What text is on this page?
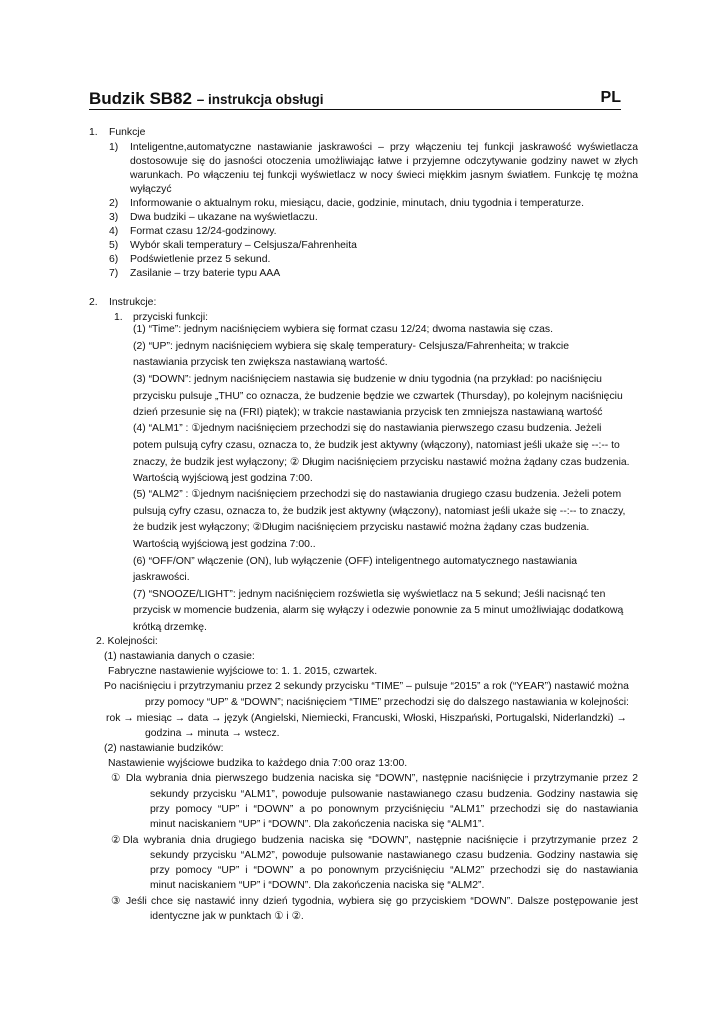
Budzik SB82 – instrukcja obsługi	PL
1. Funkcje
1) Inteligentne,automatyczne nastawianie jaskrawości – przy włączeniu tej funkcji jaskrawość wyświetlacza
dostosowuje się do jasności otoczenia umożliwiając łatwe i przyjemne odczytywanie godziny nawet w złych
warunkach. Po włączeniu tej funkcji wyświetlacz w nocy świeci miękkim jasnym światłem. Funkcję tę można
wyłączyć
2) Informowanie o aktualnym roku, miesiącu, dacie, godzinie, minutach, dniu tygodnia i temperaturze.
3) Dwa budziki – ukazane na wyświetlaczu.
4) Format czasu 12/24-godzinowy.
5) Wybór skali temperatury – Celsjusza/Fahrenheita
6) Podświetlenie przez 5 sekund.
7) Zasilanie – trzy baterie typu AAA
2. Instrukcje:
1. przyciski funkcji:
(1) “Time”: jednym naciśnięciem wybiera się format czasu 12/24; dwoma nastawia się czas.
(2) “UP”: jednym naciśnięciem wybiera się skalę temperatury- Celsjusza/Fahrenheita; w trakcie
nastawiania przycisk ten zwiększa nastawianą wartość.
(3) “DOWN”: jednym naciśnięciem nastawia się budzenie w dniu tygodnia (na przykład: po naciśnięciu
przycisku pulsuje „THU” co oznacza, że budzenie będzie we czwartek (Thursday), po kolejnym naciśnięciu
dzień przesunie się na (FRI) piątek); w trakcie nastawiania przycisk ten zmniejsza nastawianą wartość
(4) “ALM1” : ①jednym naciśnięciem przechodzi się do nastawiania pierwszego czasu budzenia. Jeżeli
potem pulsują cyfry czasu, oznacza to, że budzik jest aktywny (włączony), natomiast jeśli ukaże się --:-- to
znaczy, że budzik jest wyłączony; ② Długim naciśnięciem przycisku nastawić można żądany czas budzenia.
Wartością wyjściową jest godzina 7:00.
(5) “ALM2” : ①jednym naciśnięciem przechodzi się do nastawiania drugiego czasu budzenia. Jeżeli potem
pulsują cyfry czasu, oznacza to, że budzik jest aktywny (włączony), natomiast jeśli ukaże się --:-- to znaczy,
że budzik jest wyłączony; ②Długim naciśnięciem przycisku nastawić można żądany czas budzenia.
Wartością wyjściową jest godzina 7:00..
(6) “OFF/ON” włączenie (ON), lub wyłączenie (OFF) inteligentnego automatycznego nastawiania
jaskrawości.
(7) “SNOOZE/LIGHT”: jednym naciśnięciem rozświetla się wyświetlacz na 5 sekund; Jeśli nacisnąć ten
przycisk w momencie budzenia, alarm się wyłączy i odezwie ponownie za 5 minut umożliwiając dodatkową
krótką drzemkę.
2. Kolejności:
(1) nastawiania danych o czasie:
Fabryczne nastawienie wyjściowe to: 1. 1. 2015, czwartek.
Po naciśnięciu i przytrzymaniu przez 2 sekundy przycisku “TIME” – pulsuje “2015” a rok (“YEAR”) nastawić można
przy pomocy “UP” & “DOWN”; naciśnięciem “TIME” przechodzi się do dalszego nastawiania w kolejności:
rok → miesiąc → data → język (Angielski, Niemiecki, Francuski, Włoski, Hiszpański, Portugalski, Niderlandzki) →
godzina → minuta → wstecz.
(2) nastawianie budzików:
Nastawienie wyjściowe budzika to każdego dnia 7:00 oraz 13:00.
① Dla wybrania dnia pierwszego budzenia naciska się “DOWN”, następnie naciśnięcie i przytrzymanie przez 2
sekundy przycisku “ALM1”, powoduje pulsowanie nastawianego czasu budzenia. Godziny nastawia się
przy pomocy “UP” i “DOWN” a po ponownym przyciśnięciu “ALM1” przechodzi się do nastawiania
minut naciskaniem “UP” i “DOWN”. Dla zakończenia naciska się “ALM1”.
②Dla wybrania dnia drugiego budzenia naciska się “DOWN”, następnie naciśnięcie i przytrzymanie przez 2
sekundy przycisku “ALM2”, powoduje pulsowanie nastawianego czasu budzenia. Godziny nastawia się
przy pomocy “UP” i “DOWN” a po ponownym przyciśnięciu “ALM2” przechodzi się do nastawiania
minut naciskaniem “UP” i “DOWN”. Dla zakończenia naciska się “ALM2”.
③ Jeśli chce się nastawić inny dzień tygodnia, wybiera się go przyciskiem “DOWN”. Dalsze postępowanie jest
identyczne jak w punktach ① i ②.
